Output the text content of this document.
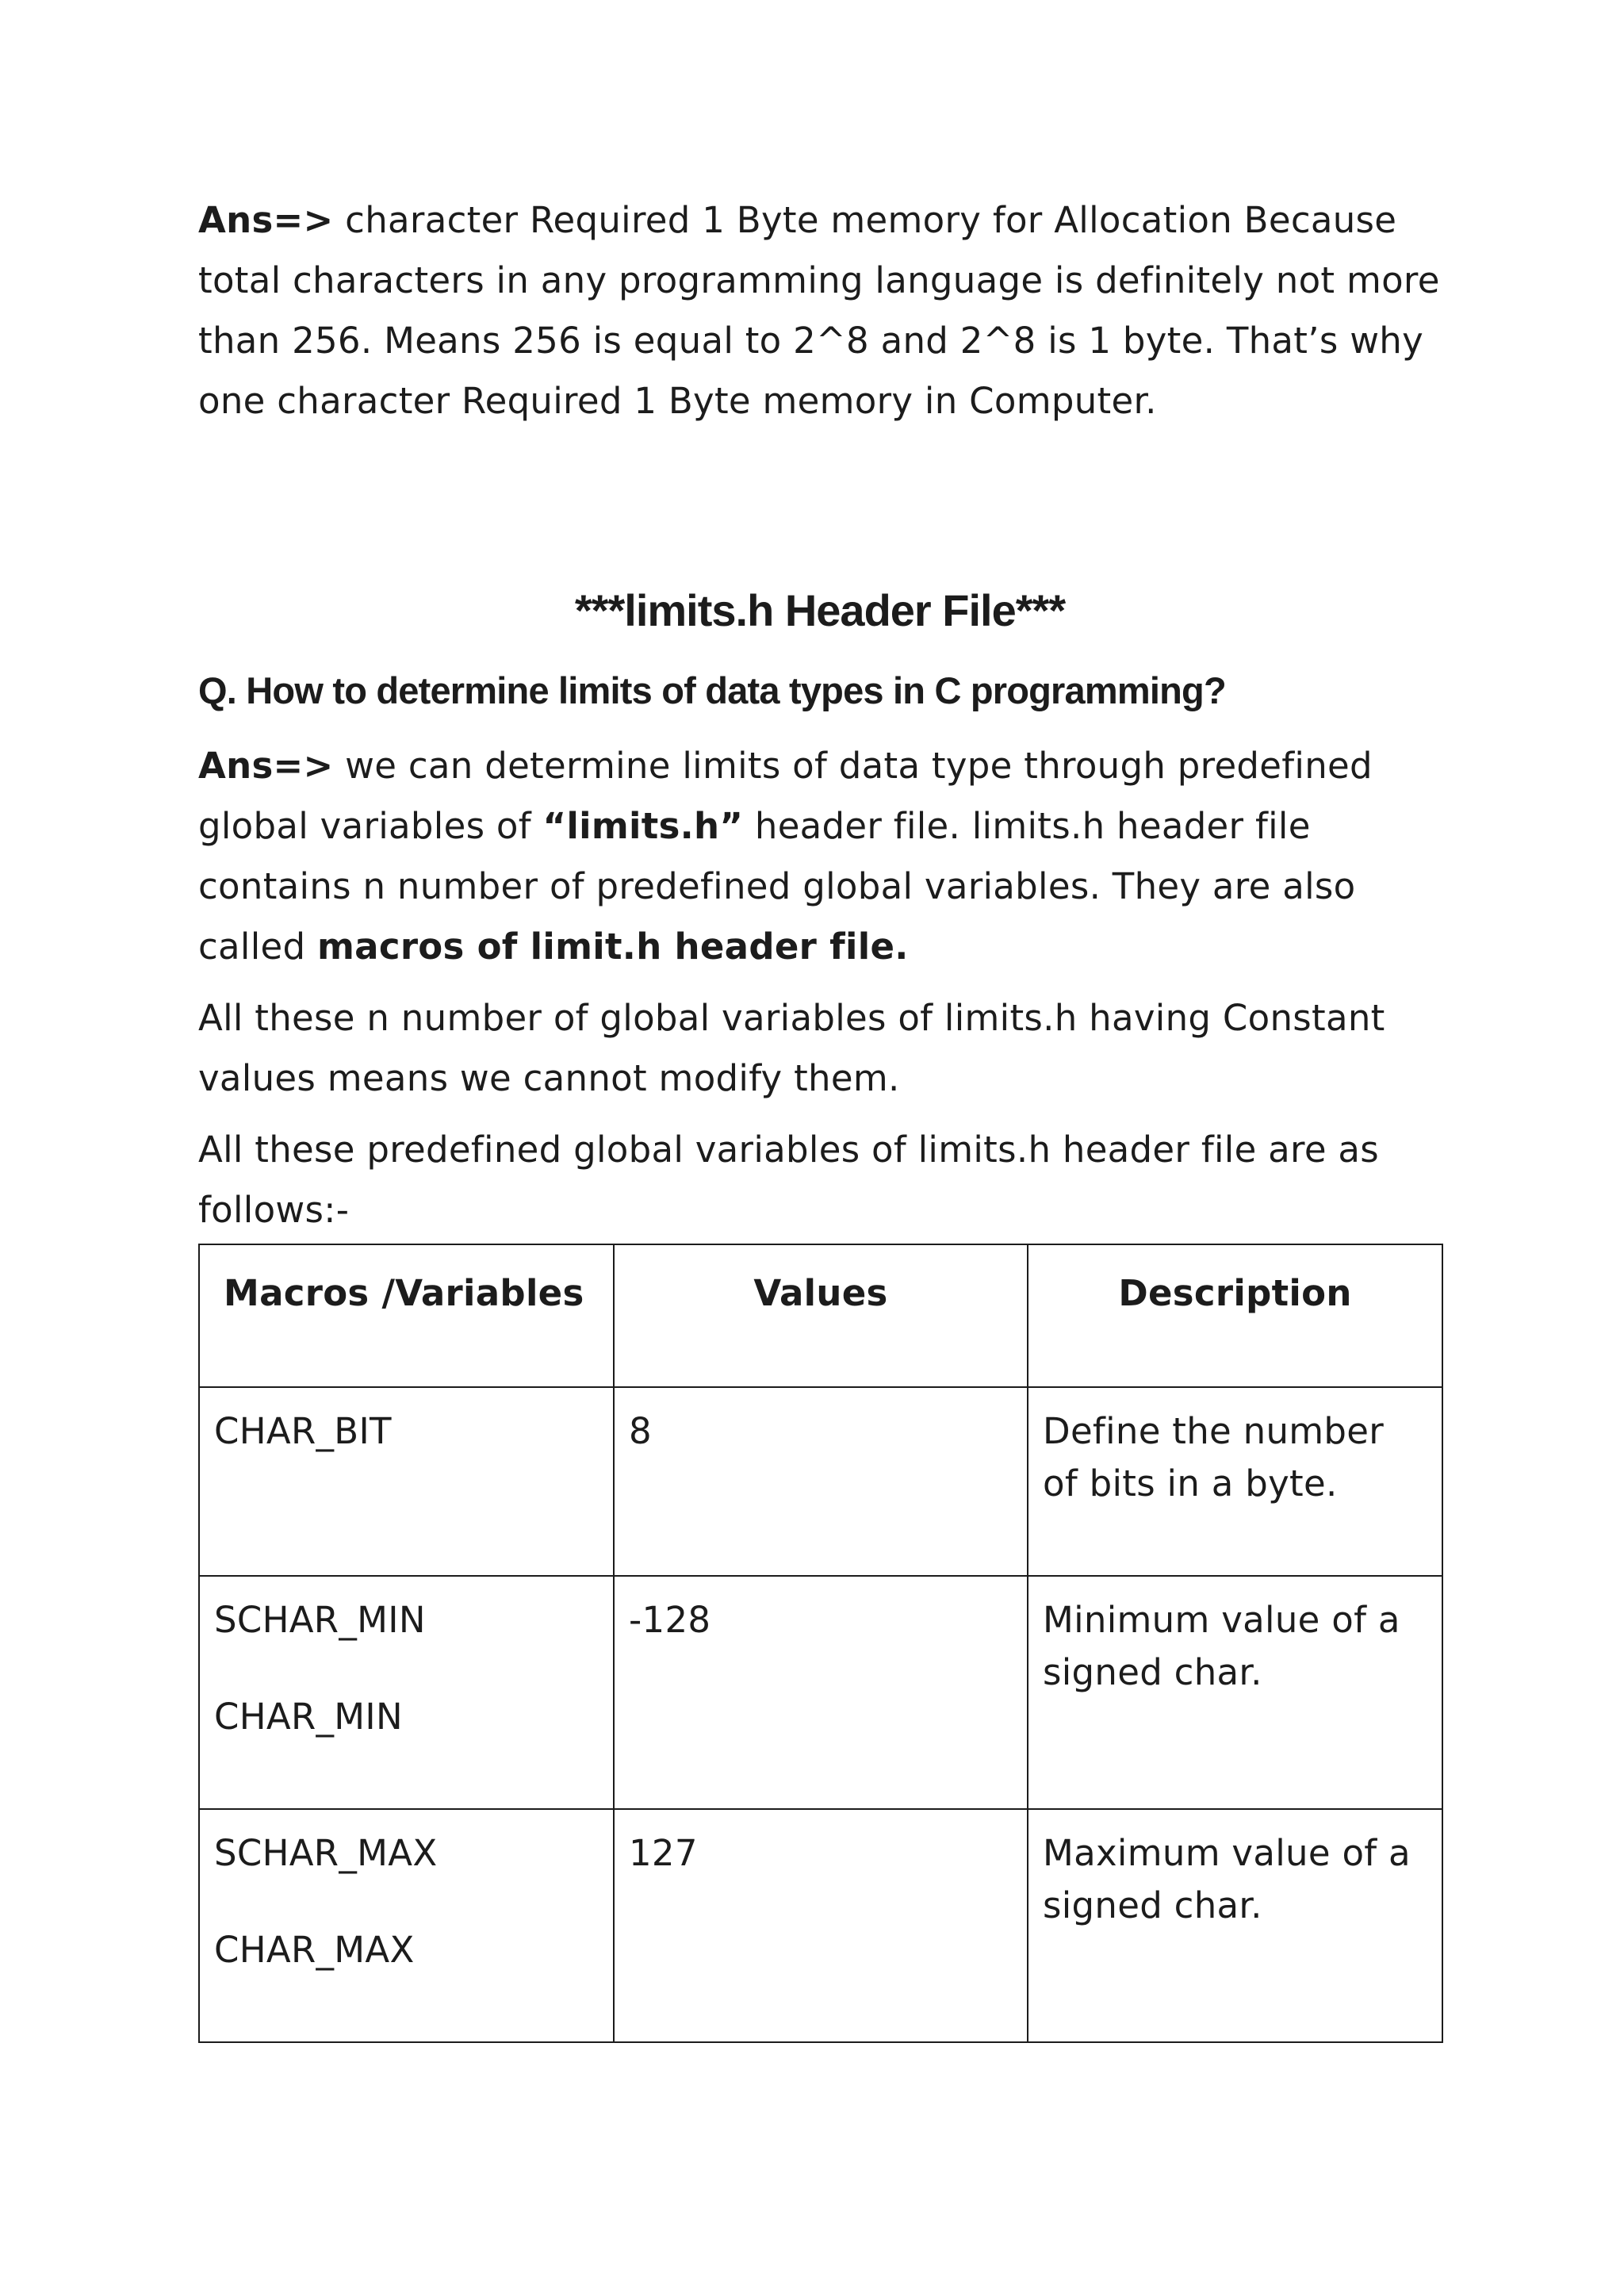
Ans=> character Required 1 Byte memory for Allocation Because total characters in any programming language is definitely not more than 256. Means 256 is equal to 2^8 and 2^8 is 1 byte. That’s why one character Required 1 Byte memory in Computer.

***limits.h Header File***
Q. How to determine limits of data types in C programming?

Ans=> we can determine limits of data type through predefined global variables of “limits.h” header file. limits.h header file contains n number of predefined global variables. They are also called macros of limit.h header file.

All these n number of global variables of limits.h having Constant values means we cannot modify them.

All these predefined global variables of limits.h header file are as follows:-

Macros /Variables	Values	Description

CHAR_BIT	8	Define the number of bits in a byte.

SCHAR_MIN
CHAR_MIN	-128	Minimum value of a signed char.

SCHAR_MAX
CHAR_MAX	127	Maximum value of a signed char.
